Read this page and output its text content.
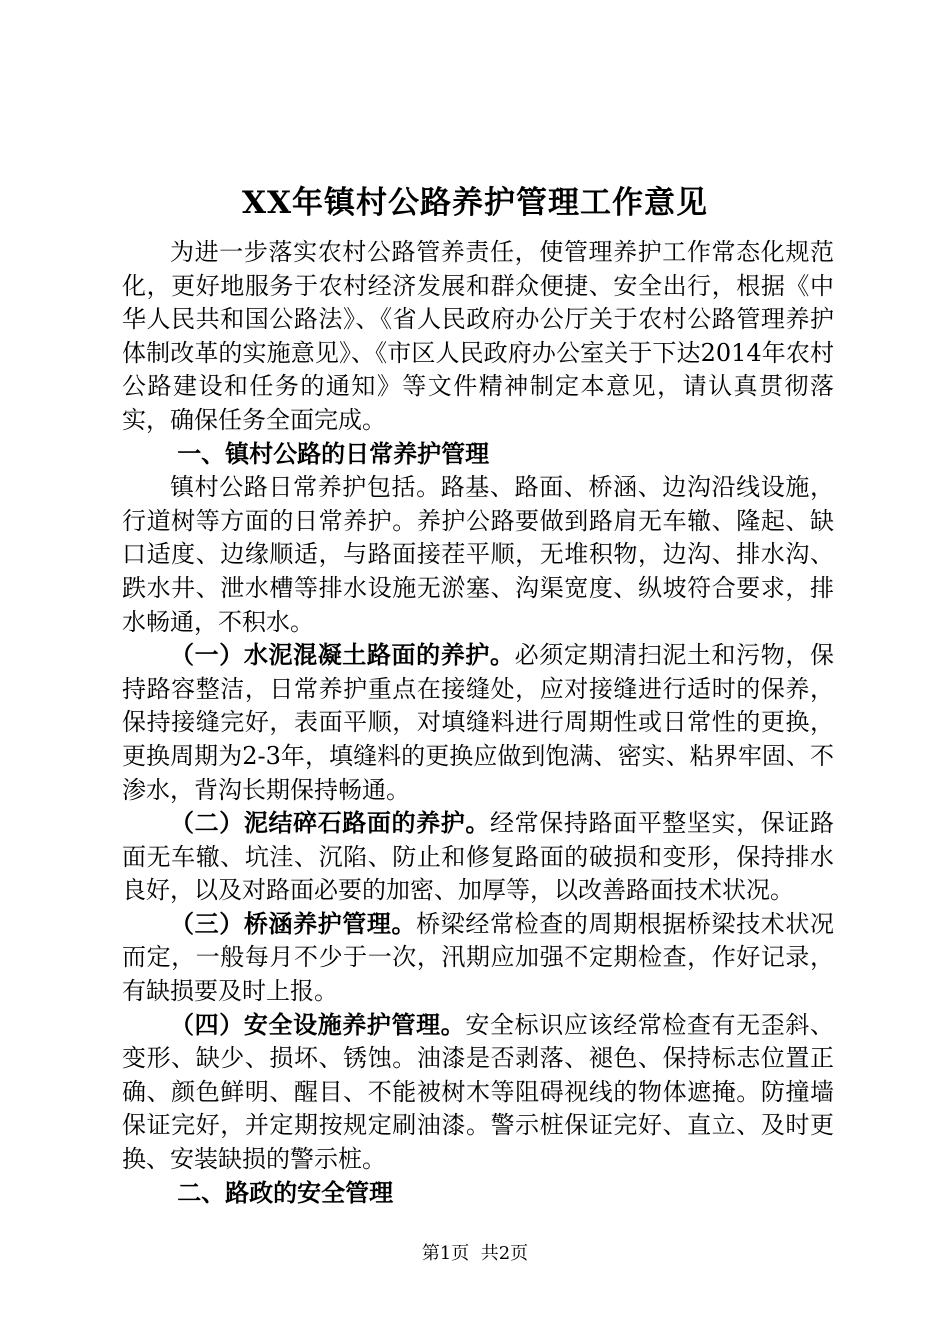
XX年镇村公路养护管理工作意见

为进一步落实农村公路管养责任，使管理养护工作常态化规范化，更好地服务于农村经济发展和群众便捷、安全出行，根据《中华人民共和国公路法》、《省人民政府办公厅关于农村公路管理养护体制改革的实施意见》、《市区人民政府办公室关于下达2014年农村公路建设和任务的通知》等文件精神制定本意见，请认真贯彻落实，确保任务全面完成。

一、镇村公路的日常养护管理

镇村公路日常养护包括。路基、路面、桥涵、边沟沿线设施，行道树等方面的日常养护。养护公路要做到路肩无车辙、隆起、缺口适度、边缘顺适，与路面接茬平顺，无堆积物，边沟、排水沟、跌水井、泄水槽等排水设施无淤塞、沟渠宽度、纵坡符合要求，排水畅通，不积水。

（一）水泥混凝土路面的养护。必须定期清扫泥土和污物，保持路容整洁，日常养护重点在接缝处，应对接缝进行适时的保养，保持接缝完好，表面平顺，对填缝料进行周期性或日常性的更换，更换周期为2-3年，填缝料的更换应做到饱满、密实、粘界牢固、不渗水，背沟长期保持畅通。

（二）泥结碎石路面的养护。经常保持路面平整坚实，保证路面无车辙、坑洼、沉陷、防止和修复路面的破损和变形，保持排水良好，以及对路面必要的加密、加厚等，以改善路面技术状况。

（三）桥涵养护管理。桥梁经常检查的周期根据桥梁技术状况而定，一般每月不少于一次，汛期应加强不定期检查，作好记录，有缺损要及时上报。

（四）安全设施养护管理。安全标识应该经常检查有无歪斜、变形、缺少、损坏、锈蚀。油漆是否剥落、褪色、保持标志位置正确、颜色鲜明、醒目、不能被树木等阻碍视线的物体遮掩。防撞墙保证完好，并定期按规定刷油漆。警示桩保证完好、直立、及时更换、安装缺损的警示桩。

二、路政的安全管理

第1页 共2页
